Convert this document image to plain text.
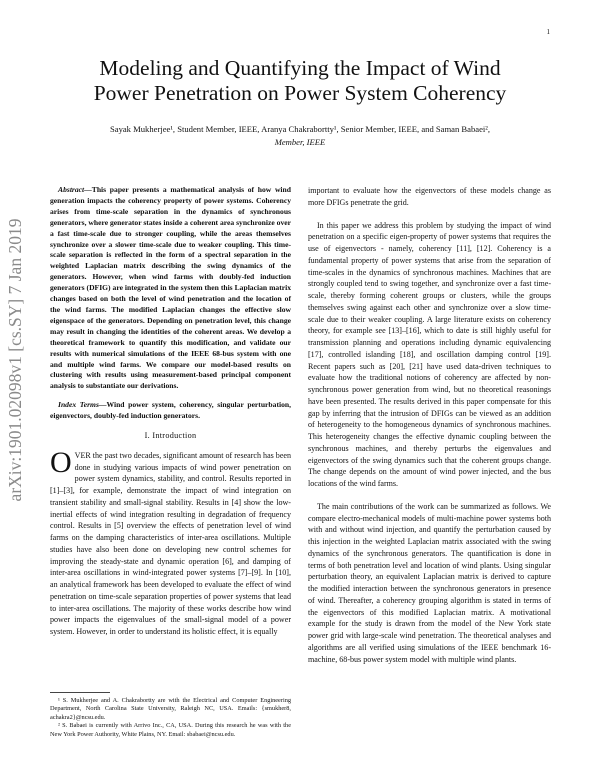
1
arXiv:1901.02098v1 [cs.SY] 7 Jan 2019
Modeling and Quantifying the Impact of Wind
Power Penetration on Power System Coherency
Sayak Mukherjee¹, Student Member, IEEE, Aranya Chakrabortty¹, Senior Member, IEEE, and Saman Babaei²,
Member, IEEE

Abstract—This paper presents a mathematical analysis of how wind generation impacts the coherency property of power systems. Coherency arises from time-scale separation in the dynamics of synchronous generators, where generator states inside a coherent area synchronize over a fast time-scale due to stronger coupling, while the areas themselves synchronize over a slower time-scale due to weaker coupling. This time-scale separation is reflected in the form of a spectral separation in the weighted Laplacian matrix describing the swing dynamics of the generators. However, when wind farms with doubly-fed induction generators (DFIG) are integrated in the system then this Laplacian matrix changes based on both the level of wind penetration and the location of the wind farms. The modified Laplacian changes the effective slow eigenspace of the generators. Depending on penetration level, this change may result in changing the identities of the coherent areas. We develop a theoretical framework to quantify this modification, and validate our results with numerical simulations of the IEEE 68-bus system with one and multiple wind farms. We compare our model-based results on clustering with results using measurement-based principal component analysis to substantiate our derivations.

Index Terms—Wind power system, coherency, singular perturbation, eigenvectors, doubly-fed induction generators.

I. Introduction

OVER the past two decades, significant amount of research has been done in studying various impacts of wind power penetration on power system dynamics, stability, and control. Results reported in [1]–[3], for example, demonstrate the impact of wind integration on transient stability and small-signal stability. Results in [4] show the low-inertial effects of wind integration resulting in degradation of frequency control. Results in [5] overview the effects of penetration level of wind farms on the damping characteristics of inter-area oscillations. Multiple studies have also been done on developing new control schemes for improving the steady-state and dynamic operation [6], and damping of inter-area oscillations in wind-integrated power systems [7]–[9]. In [10], an analytical framework has been developed to evaluate the effect of wind penetration on time-scale separation properties of power systems that lead to inter-area oscillations. The majority of these works describe how wind power impacts the eigenvalues of the small-signal model of a power system. However, in order to understand its holistic effect, it is equally

¹ S. Mukherjee and A. Chakrabortty are with the Electrical and Computer Engineering Department, North Carolina State University, Raleigh NC, USA. Emails: {smukher8, achakra2}@ncsu.edu.

² S. Babaei is currently with Arrivo Inc., CA, USA. During this research he was with the New York Power Authority, White Plains, NY. Email: sbabaei@ncsu.edu.

important to evaluate how the eigenvectors of these models change as more DFIGs penetrate the grid.

In this paper we address this problem by studying the impact of wind penetration on a specific eigen-property of power systems that requires the use of eigenvectors - namely, coherency [11], [12]. Coherency is a fundamental property of power systems that arise from the separation of time-scales in the dynamics of synchronous machines. Machines that are strongly coupled tend to swing together, and synchronize over a fast time-scale, thereby forming coherent groups or clusters, while the groups themselves swing against each other and synchronize over a slow time-scale due to their weaker coupling. A large literature exists on coherency theory, for example see [13]–[16], which to date is still highly useful for transmission planning and operations including dynamic equivalencing [17], controlled islanding [18], and oscillation damping control [19]. Recent papers such as [20], [21] have used data-driven techniques to evaluate how the traditional notions of coherency are affected by non-synchronous power generation from wind, but no theoretical reasonings have been presented. The results derived in this paper compensate for this gap by inferring that the intrusion of DFIGs can be viewed as an addition of heterogeneity to the homogeneous dynamics of synchronous machines. This heterogeneity changes the effective dynamic coupling between the synchronous machines, and thereby perturbs the eigenvalues and eigenvectors of the swing dynamics such that the coherent groups change. The change depends on the amount of wind power injected, and the bus locations of the wind farms.

The main contributions of the work can be summarized as follows. We compare electro-mechanical models of multi-machine power systems both with and without wind injection, and quantify the perturbation caused by this injection in the weighted Laplacian matrix associated with the swing dynamics of the synchronous generators. The quantification is done in terms of both penetration level and location of wind plants. Using singular perturbation theory, an equivalent Laplacian matrix is derived to capture the modified interaction between the synchronous generators in presence of wind. Thereafter, a coherency grouping algorithm is stated in terms of the eigenvectors of this modified Laplacian matrix. A motivational example for the study is drawn from the model of the New York state power grid with large-scale wind penetration. The theoretical analyses and algorithms are all verified using simulations of the IEEE benchmark 16-machine, 68-bus power system model with multiple wind plants.
